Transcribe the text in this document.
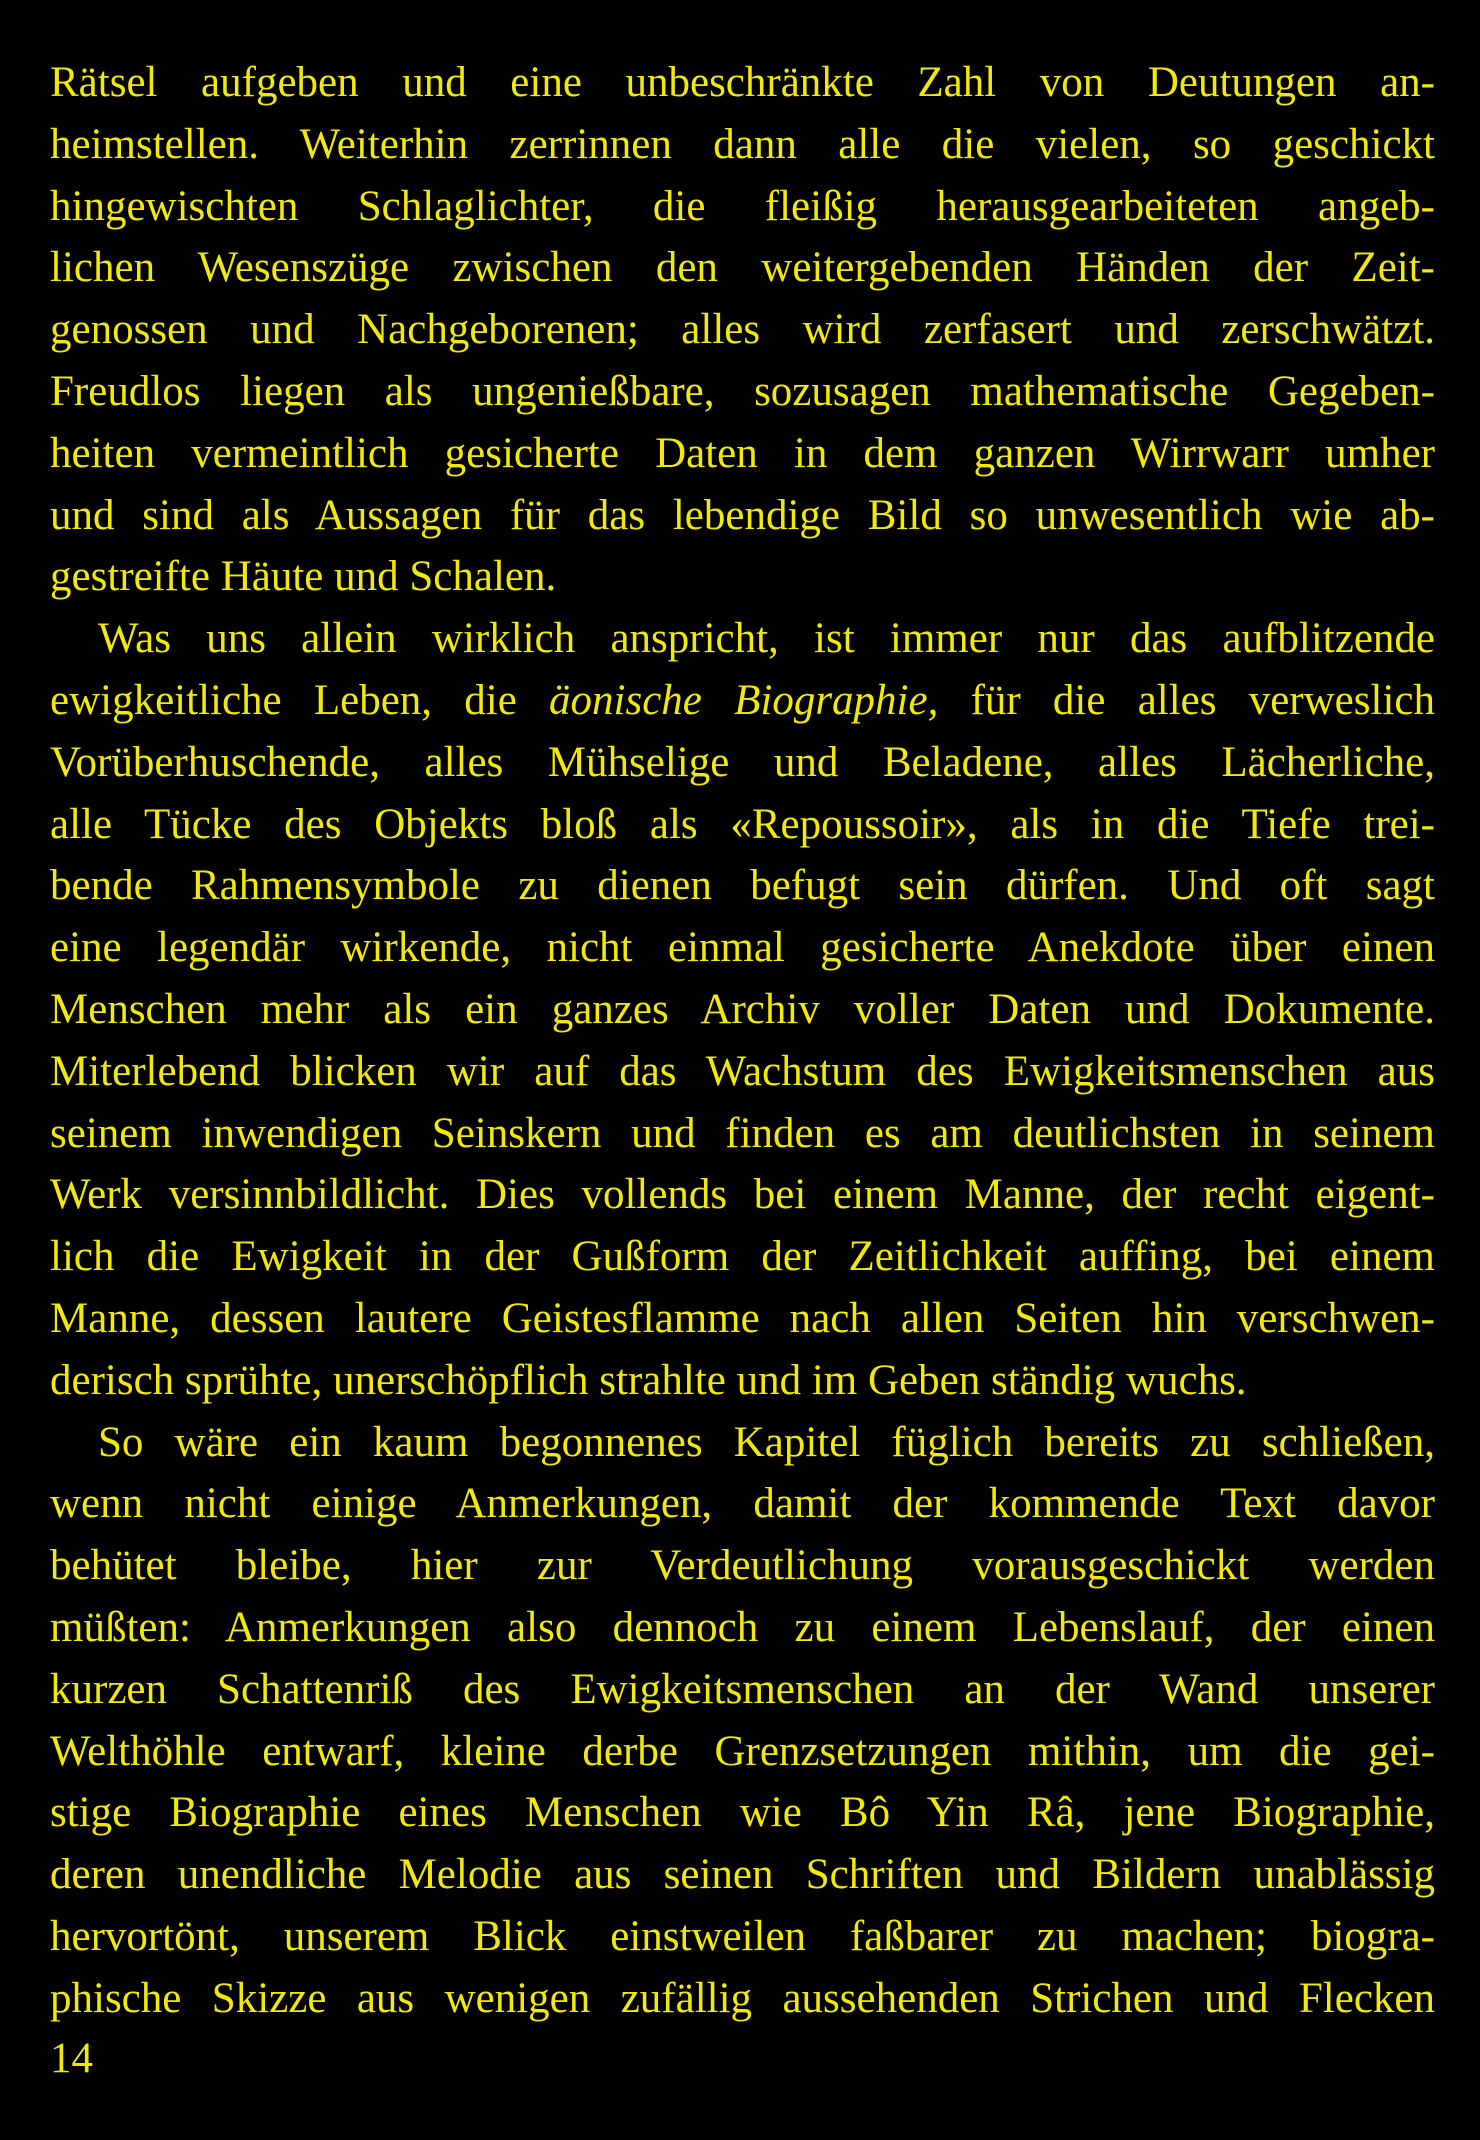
Rätsel aufgeben und eine unbeschränkte Zahl von Deutungen an-
heimstellen. Weiterhin zerrinnen dann alle die vielen, so geschickt
hingewischten Schlaglichter, die fleißig herausgearbeiteten angeb-
lichen Wesenszüge zwischen den weitergebenden Händen der Zeit-
genossen und Nachgeborenen; alles wird zerfasert und zerschwätzt.
Freudlos liegen als ungenießbare, sozusagen mathematische Gegeben-
heiten vermeintlich gesicherte Daten in dem ganzen Wirrwarr umher
und sind als Aussagen für das lebendige Bild so unwesentlich wie ab-
gestreifte Häute und Schalen.
Was uns allein wirklich anspricht, ist immer nur das aufblitzende
ewigkeitliche Leben, die äonische Biographie, für die alles verweslich
Vorüberhuschende, alles Mühselige und Beladene, alles Lächerliche,
alle Tücke des Objekts bloß als «Repoussoir», als in die Tiefe trei-
bende Rahmensymbole zu dienen befugt sein dürfen. Und oft sagt
eine legendär wirkende, nicht einmal gesicherte Anekdote über einen
Menschen mehr als ein ganzes Archiv voller Daten und Dokumente.
Miterlebend blicken wir auf das Wachstum des Ewigkeitsmenschen aus
seinem inwendigen Seinskern und finden es am deutlichsten in seinem
Werk versinnbildlicht. Dies vollends bei einem Manne, der recht eigent-
lich die Ewigkeit in der Gußform der Zeitlichkeit auffing, bei einem
Manne, dessen lautere Geistesflamme nach allen Seiten hin verschwen-
derisch sprühte, unerschöpflich strahlte und im Geben ständig wuchs.
So wäre ein kaum begonnenes Kapitel füglich bereits zu schließen,
wenn nicht einige Anmerkungen, damit der kommende Text davor
behütet bleibe, hier zur Verdeutlichung vorausgeschickt werden
müßten: Anmerkungen also dennoch zu einem Lebenslauf, der einen
kurzen Schattenriß des Ewigkeitsmenschen an der Wand unserer
Welthöhle entwarf, kleine derbe Grenzsetzungen mithin, um die gei-
stige Biographie eines Menschen wie Bô Yin Râ, jene Biographie,
deren unendliche Melodie aus seinen Schriften und Bildern unablässig
hervortönt, unserem Blick einstweilen faßbarer zu machen; biogra-
phische Skizze aus wenigen zufällig aussehenden Strichen und Flecken
14
